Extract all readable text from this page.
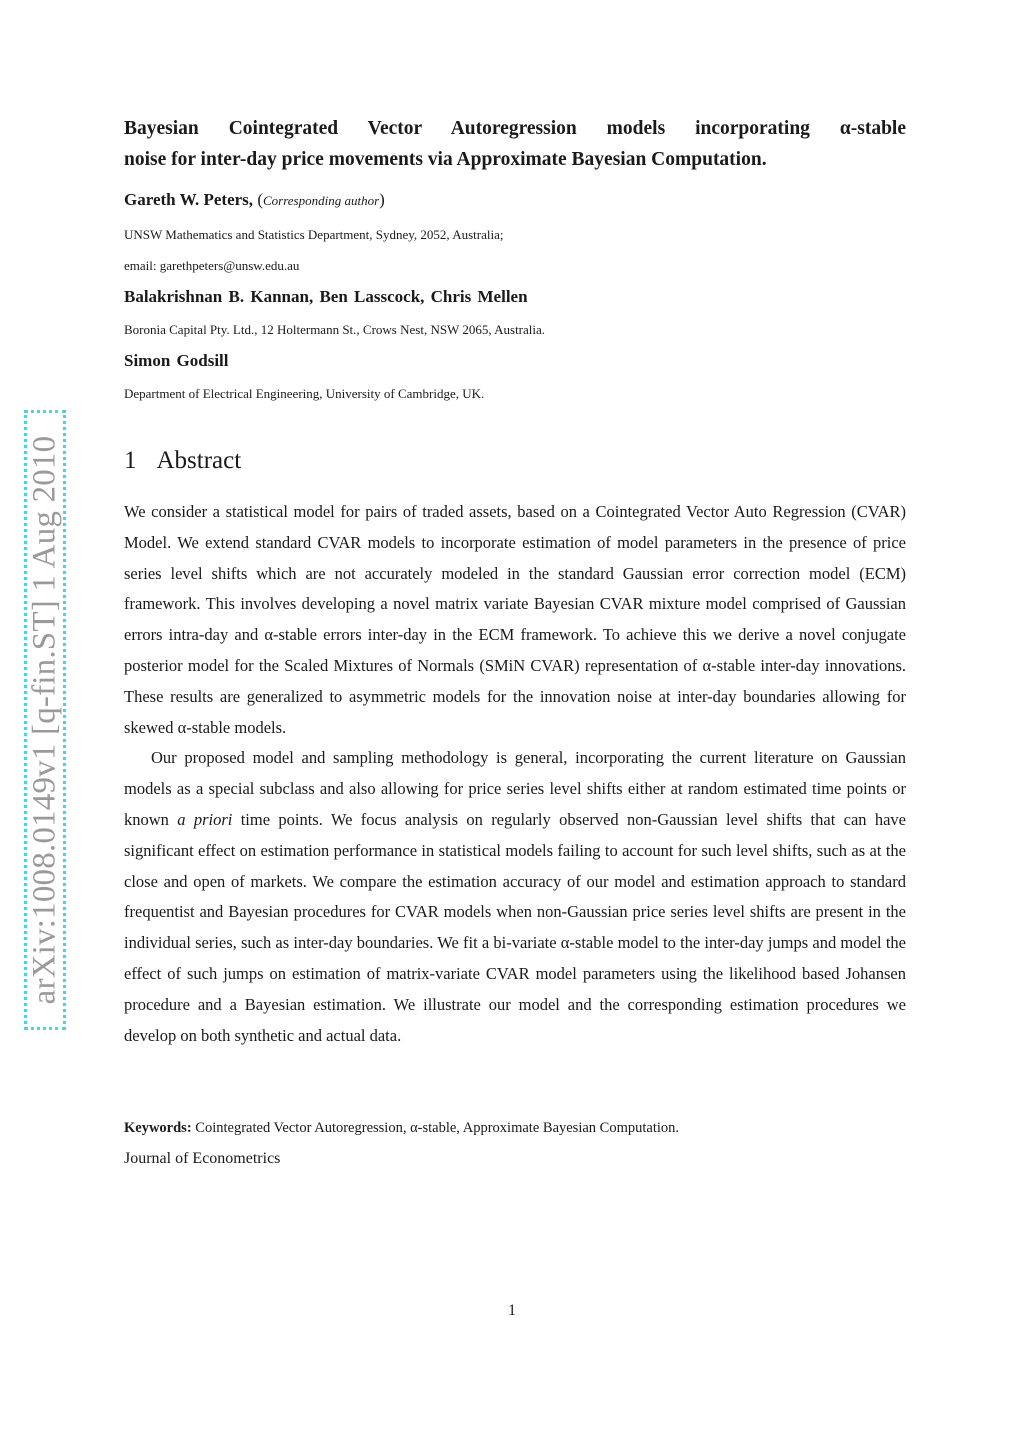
arXiv:1008.0149v1 [q-fin.ST] 1 Aug 2010
Bayesian Cointegrated Vector Autoregression models incorporating α-stable

noise for inter-day price movements via Approximate Bayesian Computation.
Gareth W. Peters, (Corresponding author)
UNSW Mathematics and Statistics Department, Sydney, 2052, Australia;
email: garethpeters@unsw.edu.au
Balakrishnan B. Kannan, Ben Lasscock, Chris Mellen
Boronia Capital Pty. Ltd., 12 Holtermann St., Crows Nest, NSW 2065, Australia.
Simon Godsill
Department of Electrical Engineering, University of Cambridge, UK.
1 Abstract

We consider a statistical model for pairs of traded assets, based on a Cointegrated Vector Auto Regression (CVAR) Model. We extend standard CVAR models to incorporate estimation of model parameters in the presence of price series level shifts which are not accurately modeled in the standard Gaussian error correction model (ECM) framework. This involves developing a novel matrix variate Bayesian CVAR mixture model comprised of Gaussian errors intra-day and α-stable errors inter-day in the ECM framework. To achieve this we derive a novel conjugate posterior model for the Scaled Mixtures of Normals (SMiN CVAR) representation of α-stable inter-day innovations. These results are generalized to asymmetric models for the innovation noise at inter-day boundaries allowing for skewed α-stable models.

Our proposed model and sampling methodology is general, incorporating the current literature on Gaussian models as a special subclass and also allowing for price series level shifts either at random estimated time points or known a priori time points. We focus analysis on regularly observed non-Gaussian level shifts that can have significant effect on estimation performance in statistical models failing to account for such level shifts, such as at the close and open of markets. We compare the estimation accuracy of our model and estimation approach to standard frequentist and Bayesian procedures for CVAR models when non-Gaussian price series level shifts are present in the individual series, such as inter-day boundaries. We fit a bi-variate α-stable model to the inter-day jumps and model the effect of such jumps on estimation of matrix-variate CVAR model parameters using the likelihood based Johansen procedure and a Bayesian estimation. We illustrate our model and the corresponding estimation procedures we develop on both synthetic and actual data.

Keywords: Cointegrated Vector Autoregression, α-stable, Approximate Bayesian Computation.
Journal of Econometrics
1
